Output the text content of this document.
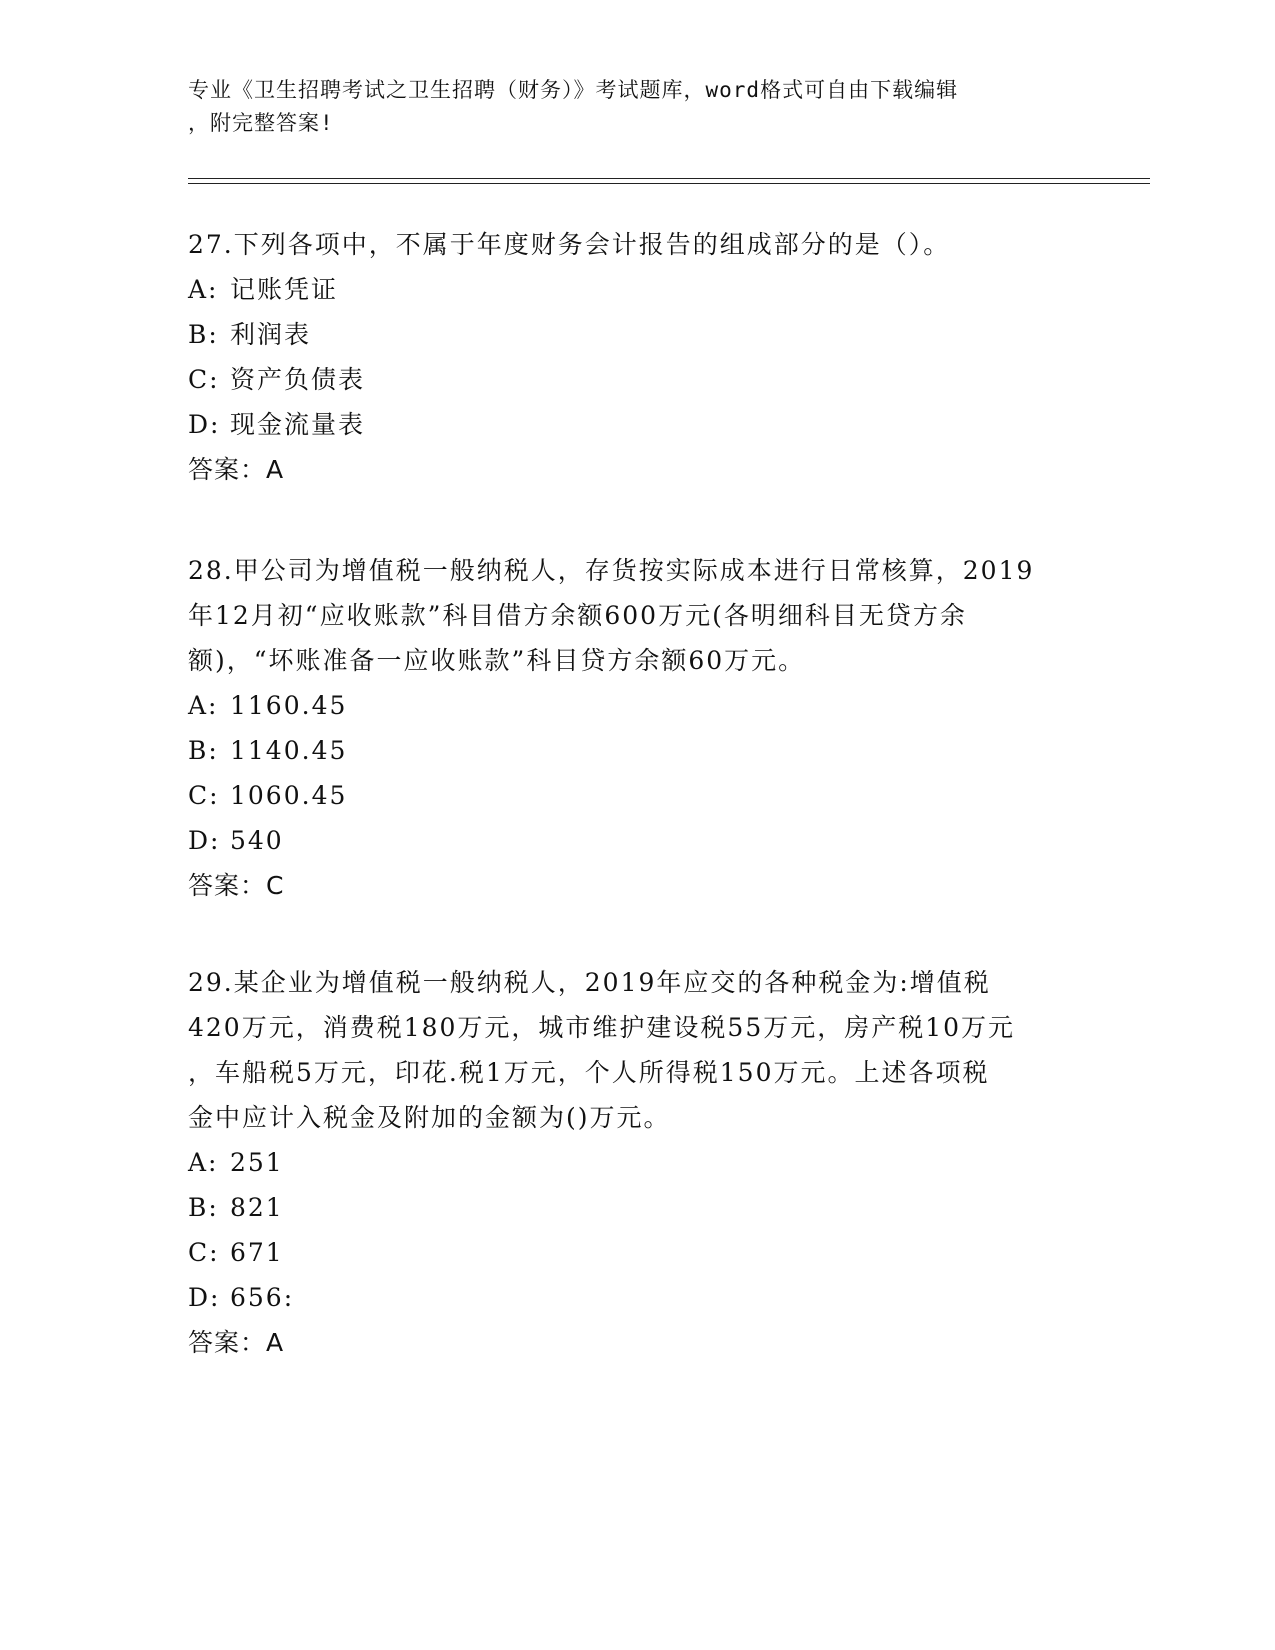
专业《卫生招聘考试之卫生招聘（财务）》考试题库，word格式可自由下载编辑
，附完整答案!
27.下列各项中，不属于年度财务会计报告的组成部分的是（）。
A: 记账凭证
B: 利润表
C: 资产负债表
D: 现金流量表
答案：A
28.甲公司为增值税一般纳税人，存货按实际成本进行日常核算，2019
年12月初“应收账款”科目借方余额600万元(各明细科目无贷方余
额)，“坏账准备一应收账款”科目贷方余额60万元。
A: 1160.45
B: 1140.45
C: 1060.45
D: 540
答案：C
29.某企业为增值税一般纳税人，2019年应交的各种税金为:增值税
420万元，消费税180万元，城市维护建设税55万元，房产税10万元
，车船税5万元，印花.税1万元，个人所得税150万元。上述各项税
金中应计入税金及附加的金额为()万元。
A: 251
B: 821
C: 671
D: 656:
答案：A
